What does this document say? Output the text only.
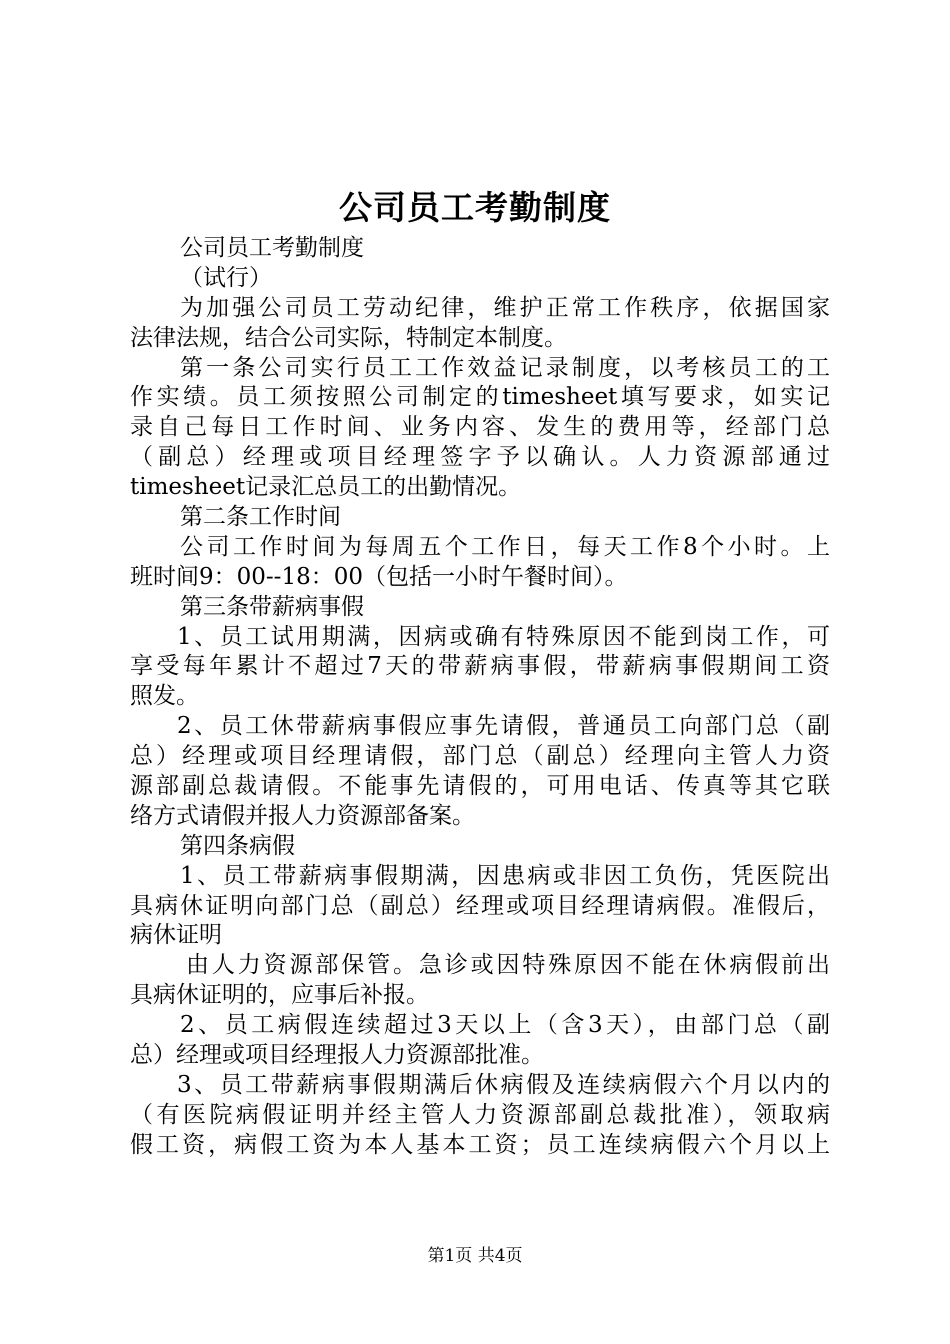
公司员工考勤制度
公司员工考勤制度
（试行）
为加强公司员工劳动纪律，维护正常工作秩序，依据国家
法律法规，结合公司实际，特制定本制度。
第一条公司实行员工工作效益记录制度，以考核员工的工
作实绩。员工须按照公司制定的timesheet填写要求，如实记
录自己每日工作时间、业务内容、发生的费用等，经部门总
（副总）经理或项目经理签字予以确认。人力资源部通过
timesheet记录汇总员工的出勤情况。
第二条工作时间
公司工作时间为每周五个工作日，每天工作8个小时。上
班时间9：00--18：00（包括一小时午餐时间）。
第三条带薪病事假
1、员工试用期满，因病或确有特殊原因不能到岗工作，可
享受每年累计不超过7天的带薪病事假，带薪病事假期间工资
照发。
2、员工休带薪病事假应事先请假，普通员工向部门总（副
总）经理或项目经理请假，部门总（副总）经理向主管人力资
源部副总裁请假。不能事先请假的，可用电话、传真等其它联
络方式请假并报人力资源部备案。
第四条病假
1、员工带薪病事假期满，因患病或非因工负伤，凭医院出
具病休证明向部门总（副总）经理或项目经理请病假。准假后，
病休证明
由人力资源部保管。急诊或因特殊原因不能在休病假前出
具病休证明的，应事后补报。
2、员工病假连续超过3天以上（含3天），由部门总（副
总）经理或项目经理报人力资源部批准。
3、员工带薪病事假期满后休病假及连续病假六个月以内的
（有医院病假证明并经主管人力资源部副总裁批准），领取病
假工资，病假工资为本人基本工资；员工连续病假六个月以上
第1页 共4页
